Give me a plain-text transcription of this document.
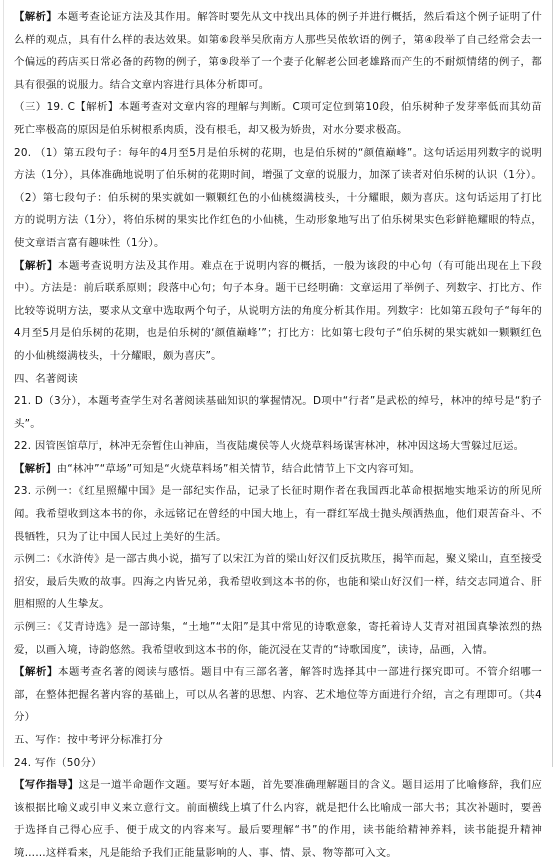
【解析】本题考查论证方法及其作用。解答时要先从文中找出具体的例子并进行概括，然后看这个例子证明了什么样的观点，具有什么样的表达效果。如第⑥段举吴欣南方人那些吴侬软语的例子，第④段举了自己经常会去一个偏远的药店买日常必备的药物的例子，第⑨段举了一个妻子化解老公回老雄路而产生的不耐烦情绪的例子，都具有很强的说服力。结合文章内容进行具体分析即可。

（三）19. C【解析】本题考查对文章内容的理解与判断。C项可定位到第10段，伯乐树种子发芽率低而其幼苗死亡率极高的原因是伯乐树根系肉质，没有根毛，却又极为娇贵，对水分要求极高。

20. （1）第五段句子：每年的4月至5月是伯乐树的花期，也是伯乐树的“颜值巅峰”。这句话运用列数字的说明方法（1分），具体准确地说明了伯乐树的花期时间，增强了文章的说服力，加深了读者对伯乐树的认识（1分）。（2）第七段句子：伯乐树的果实就如一颗颗红色的小仙桃缀满枝头，十分耀眼，颇为喜庆。这句话运用了打比方的说明方法（1分），将伯乐树的果实比作红色的小仙桃，生动形象地写出了伯乐树果实色彩鲜艳耀眼的特点，使文章语言富有趣味性（1分）。

【解析】本题考查说明方法及其作用。难点在于说明内容的概括，一般为该段的中心句（有可能出现在上下段中）。方法是：前后联系原则；段落中心句；句子本身。题干已经明确：文章运用了举例子、列数字、打比方、作比较等说明方法，要求从文章中选取两个句子，从说明方法的角度分析其作用。列数字：比如第五段句子“每年的4月至5月是伯乐树的花期，也是伯乐树的‘颜值巅峰’”；打比方：比如第七段句子“伯乐树的果实就如一颗颗红色的小仙桃缀满枝头，十分耀眼，颇为喜庆”。

四、名著阅读

21. D（3分），本题考查学生对名著阅读基础知识的掌握情况。D项中“行者”是武松的绰号，林冲的绰号是“豹子头”。

22. 因管医馆草厅，林冲无奈暂住山神庙，当夜陆虞侯等人火烧草料场谋害林冲，林冲因这场大雪躲过厄运。

【解析】由“林冲”“草场”可知是“火烧草料场”相关情节，结合此情节上下文内容可知。

23. 示例一：《红星照耀中国》是一部纪实作品，记录了长征时期作者在我国西北革命根据地实地采访的所见所闻。我希望收到这本书的你，永远铭记在曾经的中国大地上，有一群红军战士抛头颅洒热血，他们艰苦奋斗、不畏牺牲，只为了让中国人民过上美好的生活。

示例二：《水浒传》是一部古典小说，描写了以宋江为首的梁山好汉们反抗欺压，揭竿而起，聚义梁山，直至接受招安，最后失败的故事。四海之内皆兄弟，我希望收到这本书的你，也能和梁山好汉们一样，结交志同道合、肝胆相照的人生挚友。

示例三：《艾青诗选》是一部诗集，“土地”“太阳”是其中常见的诗歌意象，寄托着诗人艾青对祖国真挚浓烈的热爱，以画入境，诗韵悠然。我希望收到这本书的你，能沉浸在艾青的“诗歌国度”，读诗，品画，入情。

【解析】本题考查名著的阅读与感悟。题目中有三部名著，解答时选择其中一部进行探究即可。不管介绍哪一部，在整体把握名著内容的基础上，可以从名著的思想、内容、艺术地位等方面进行介绍，言之有理即可。（共4分）

五、写作：按中考评分标准打分

24. 写作（50分）

【写作指导】这是一道半命题作文题。要写好本题，首先要准确理解题目的含义。题目运用了比喻修辞，我们应该根据比喻义或引申义来立意行文。前面横线上填了什么内容，就是把什么比喻成一部大书；其次补题时，要善于选择自己得心应手、便于成文的内容来写。最后要理解“书”的作用，读书能给精神养料，读书能提升精神境……这样看来，凡是能给予我们正能量影响的人、事、情、景、物等都可入文。
